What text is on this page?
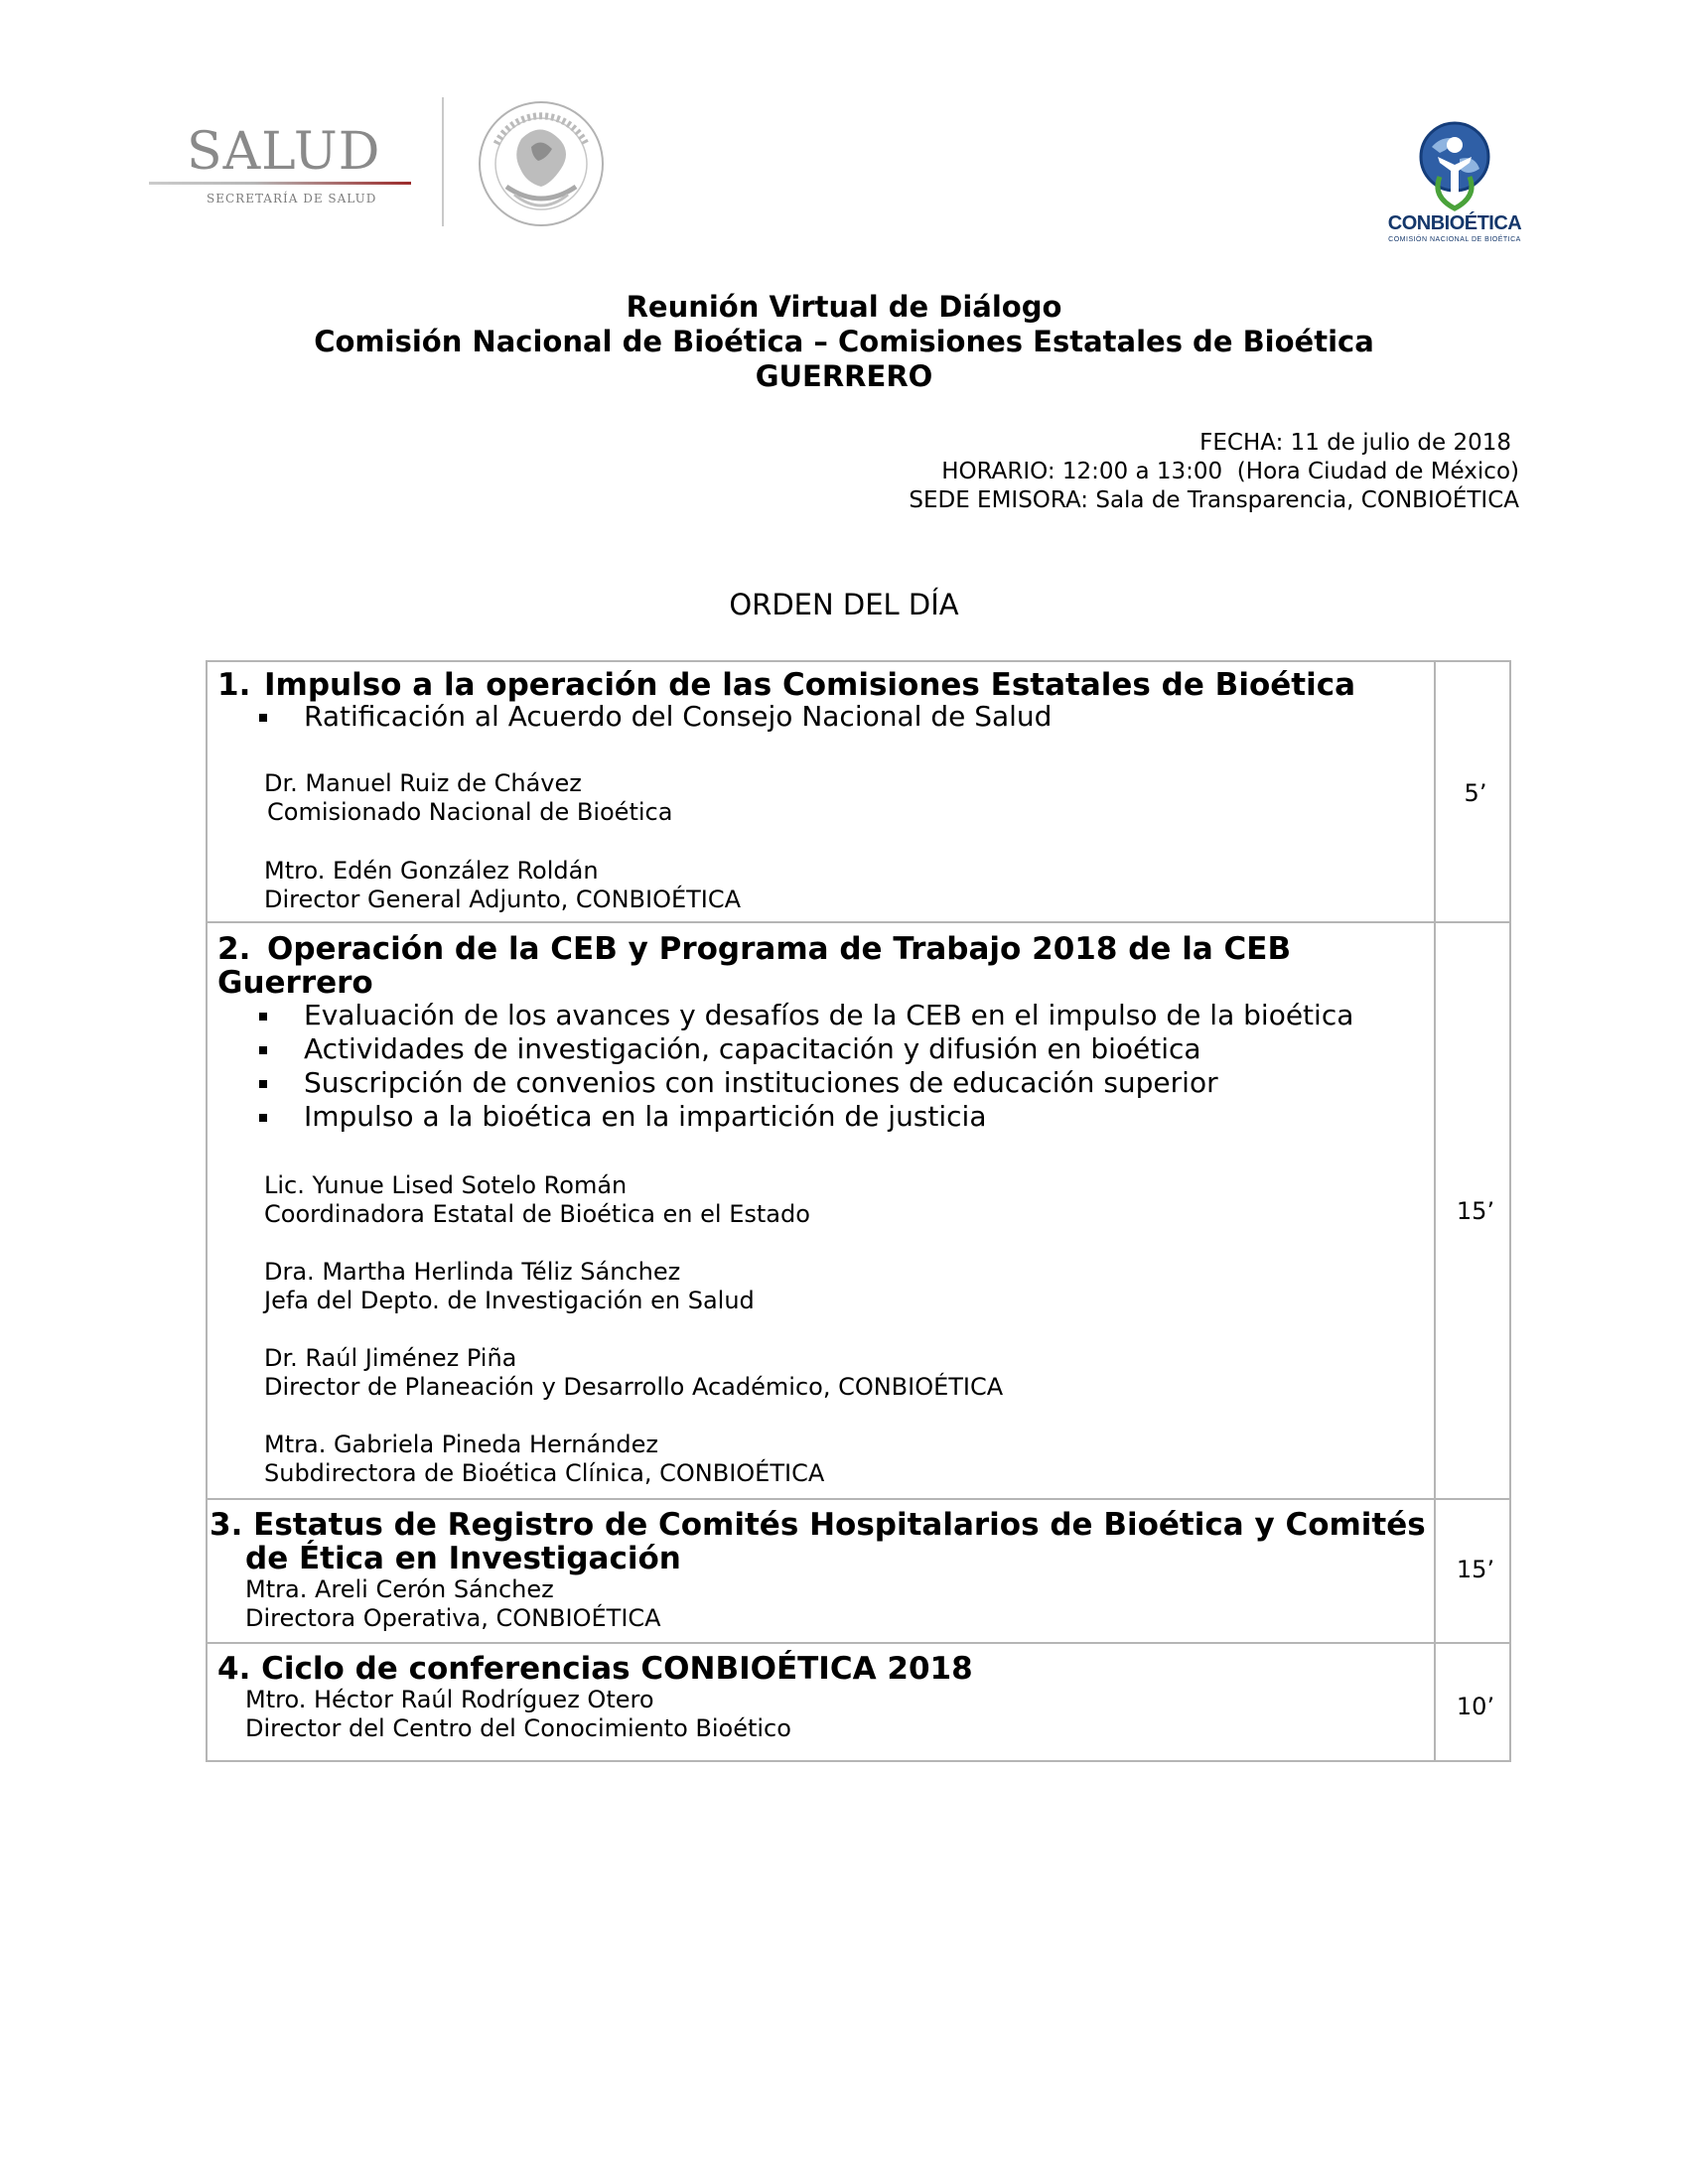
SALUD
SECRETARÍA DE SALUD
CONBIOÉTICA
COMISIÓN NACIONAL DE BIOÉTICA
Reunión Virtual de Diálogo
Comisión Nacional de Bioética – Comisiones Estatales de Bioética
GUERRERO
FECHA: 11 de julio de 2018
HORARIO: 12:00 a 13:00  (Hora Ciudad de México)
SEDE EMISORA: Sala de Transparencia, CONBIOÉTICA
ORDEN DEL DÍA
1. Impulso a la operación de las Comisiones Estatales de Bioética
Ratificación al Acuerdo del Consejo Nacional de Salud
Dr. Manuel Ruiz de Chávez
Comisionado Nacional de Bioética
Mtro. Edén González Roldán
Director General Adjunto, CONBIOÉTICA
5’
2. Operación de la CEB y Programa de Trabajo 2018 de la CEB
Guerrero
Evaluación de los avances y desafíos de la CEB en el impulso de la bioética
Actividades de investigación, capacitación y difusión en bioética
Suscripción de convenios con instituciones de educación superior
Impulso a la bioética en la impartición de justicia
Lic. Yunue Lised Sotelo Román
Coordinadora Estatal de Bioética en el Estado
Dra. Martha Herlinda Téliz Sánchez
Jefa del Depto. de Investigación en Salud
Dr. Raúl Jiménez Piña
Director de Planeación y Desarrollo Académico, CONBIOÉTICA
Mtra. Gabriela Pineda Hernández
Subdirectora de Bioética Clínica, CONBIOÉTICA
15’
3. Estatus de Registro de Comités Hospitalarios de Bioética y Comités
de Ética en Investigación
Mtra. Areli Cerón Sánchez
Directora Operativa, CONBIOÉTICA
15’
4. Ciclo de conferencias CONBIOÉTICA 2018
Mtro. Héctor Raúl Rodríguez Otero
Director del Centro del Conocimiento Bioético
10’
